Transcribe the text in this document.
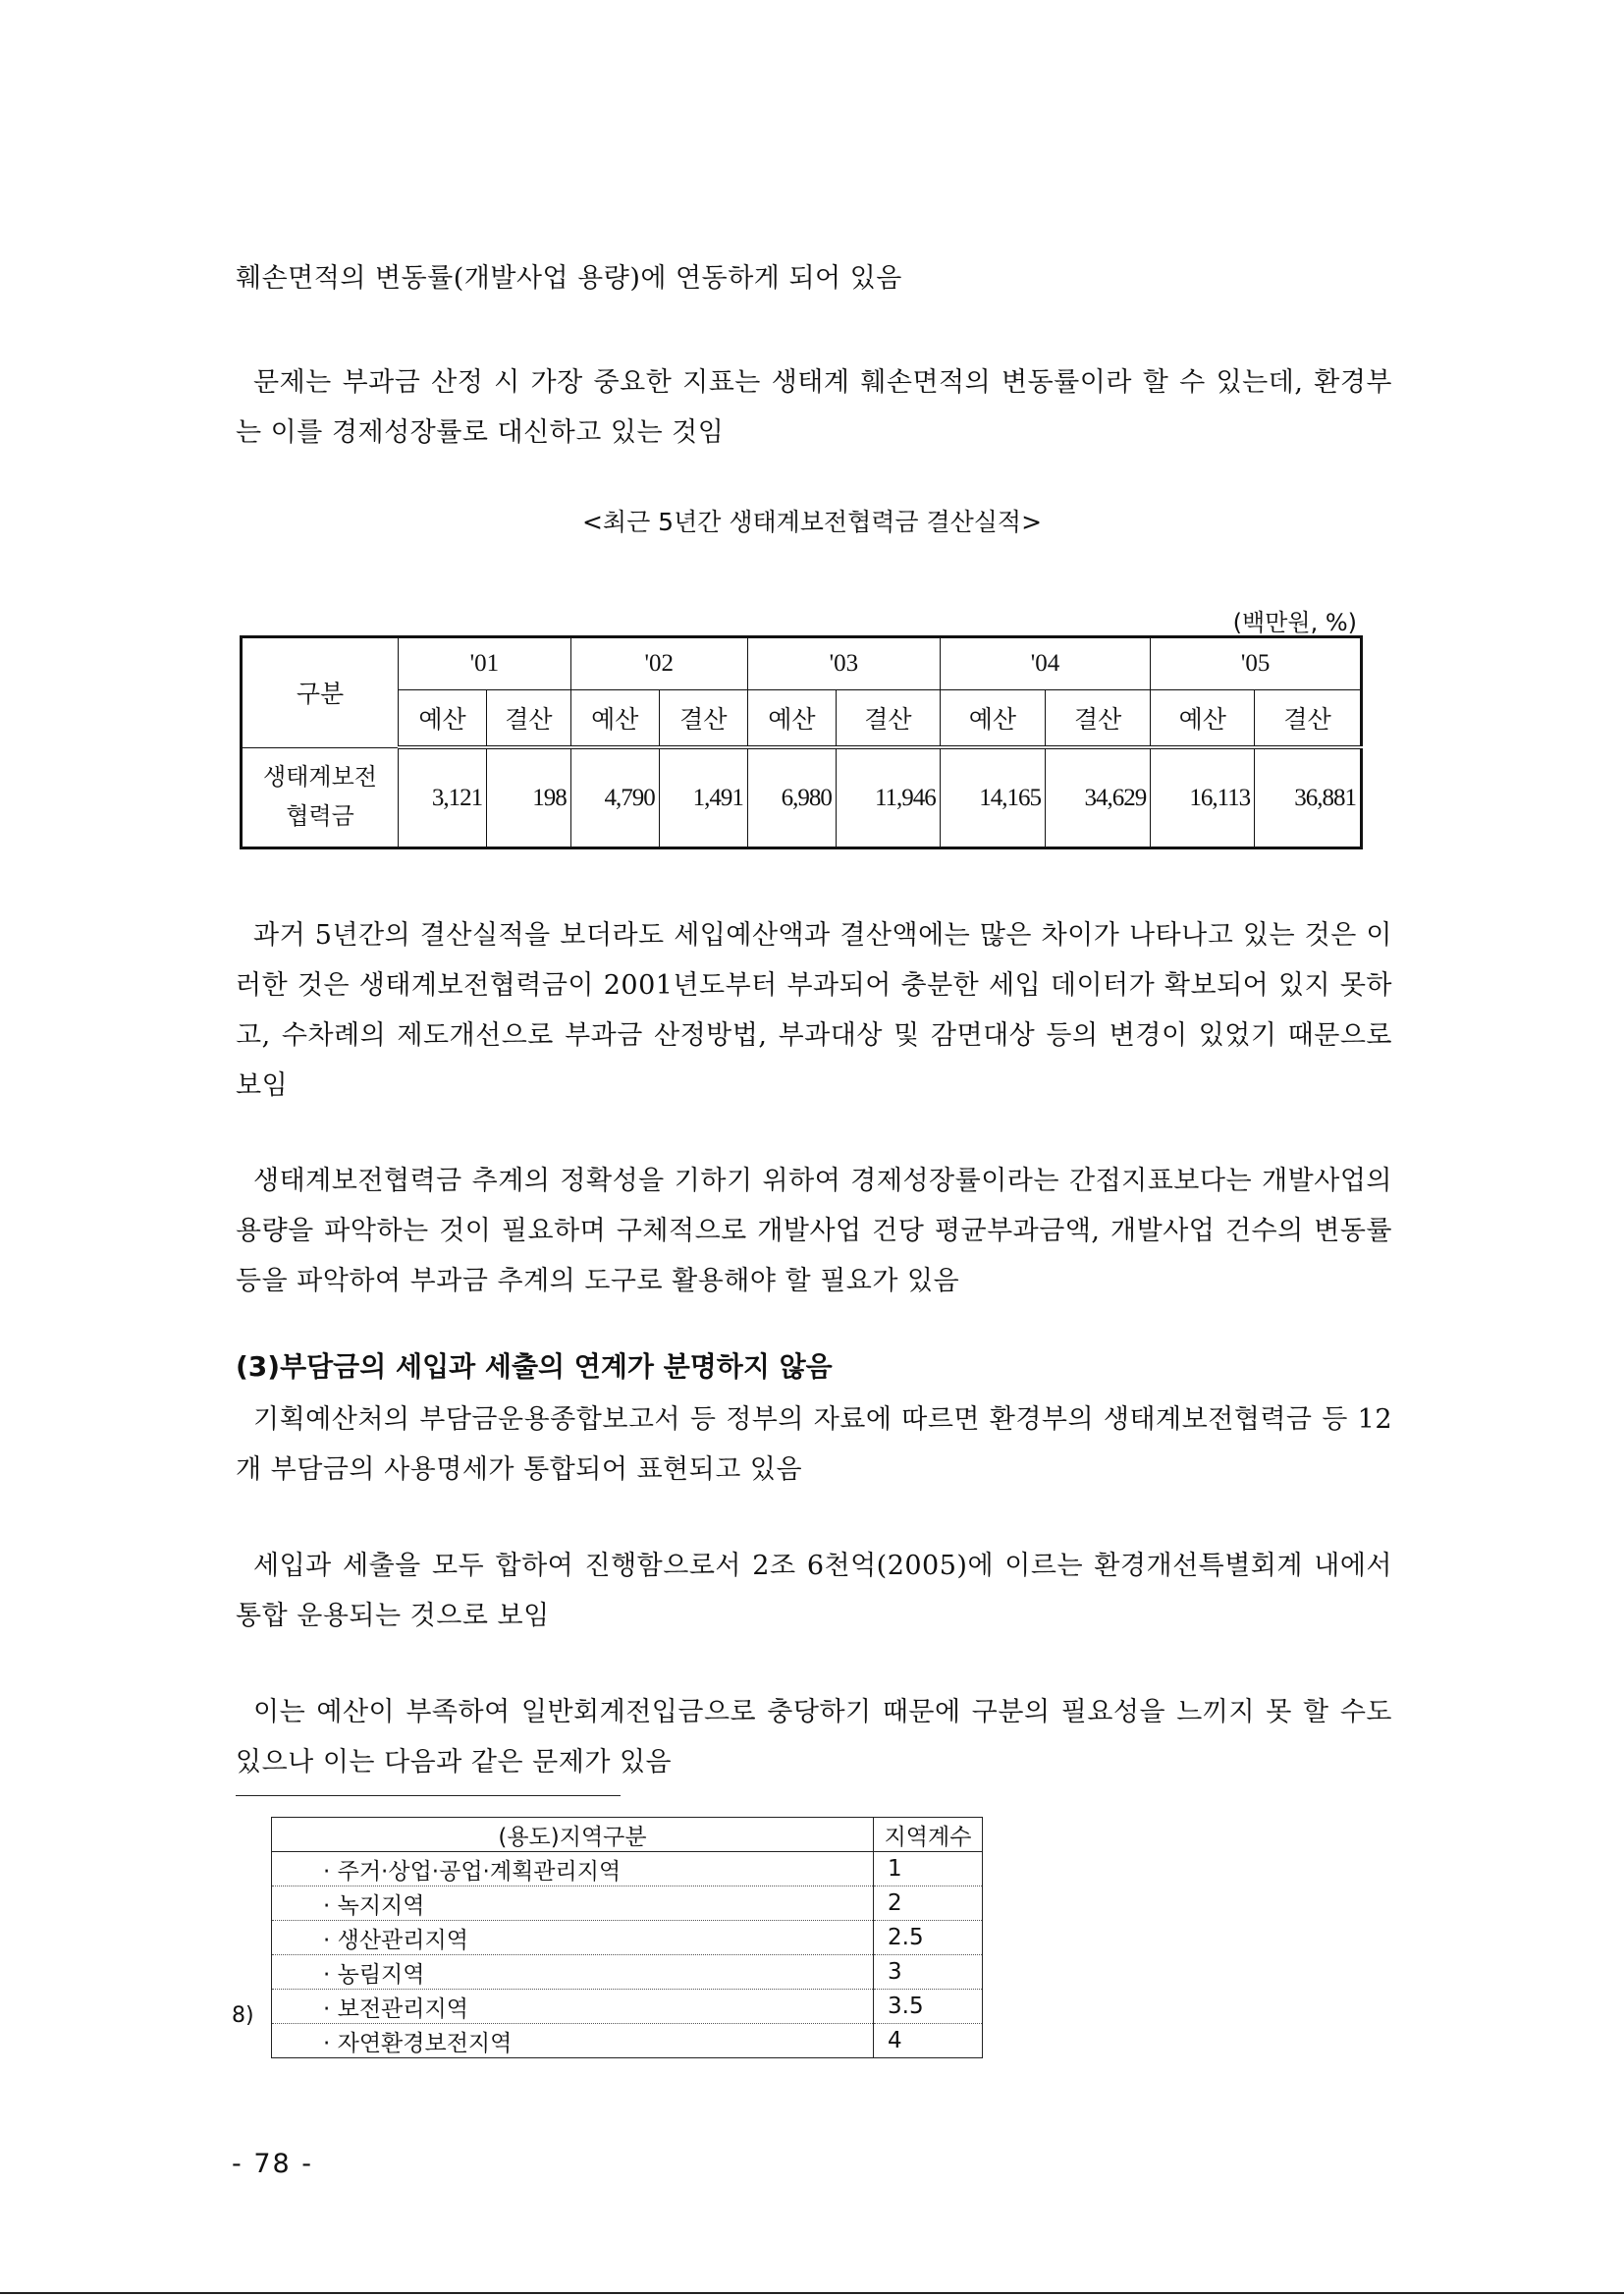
훼손면적의 변동률(개발사업 용량)에 연동하게 되어 있음

문제는 부과금 산정 시 가장 중요한 지표는 생태계 훼손면적의 변동률이라 할 수 있는데, 환경부는 이를 경제성장률로 대신하고 있는 것임

<최근 5년간 생태계보전협력금 결산실적>
(백만원, %)
구분	'01		'02		'03		'04		'05	
	예산	결산	예산	결산	예산	결산	예산	결산	예산	결산
생태계보전
협력금	3,121	198	4,790	1,491	6,980	11,946	14,165	34,629	16,113	36,881

과거 5년간의 결산실적을 보더라도 세입예산액과 결산액에는 많은 차이가 나타나고 있는 것은 이러한 것은 생태계보전협력금이 2001년도부터 부과되어 충분한 세입 데이터가 확보되어 있지 못하고, 수차례의 제도개선으로 부과금 산정방법, 부과대상 및 감면대상 등의 변경이 있었기 때문으로 보임

생태계보전협력금 추계의 정확성을 기하기 위하여 경제성장률이라는 간접지표보다는 개발사업의 용량을 파악하는 것이 필요하며 구체적으로 개발사업 건당 평균부과금액, 개발사업 건수의 변동률 등을 파악하여 부과금 추계의 도구로 활용해야 할 필요가 있음

(3)부담금의 세입과 세출의 연계가 분명하지 않음

기획예산처의 부담금운용종합보고서 등 정부의 자료에 따르면 환경부의 생태계보전협력금 등 12개 부담금의 사용명세가 통합되어 표현되고 있음

세입과 세출을 모두 합하여 진행함으로서 2조 6천억(2005)에 이르는 환경개선특별회계 내에서 통합 운용되는 것으로 보임

이는 예산이 부족하여 일반회계전입금으로 충당하기 때문에 구분의 필요성을 느끼지 못 할 수도 있으나 이는 다음과 같은 문제가 있음

8)
(용도)지역구분	지역계수
· 주거·상업·공업·계획관리지역	1
· 녹지지역	2
· 생산관리지역	2.5
· 농림지역	3
· 보전관리지역	3.5
· 자연환경보전지역	4
- 78 -
